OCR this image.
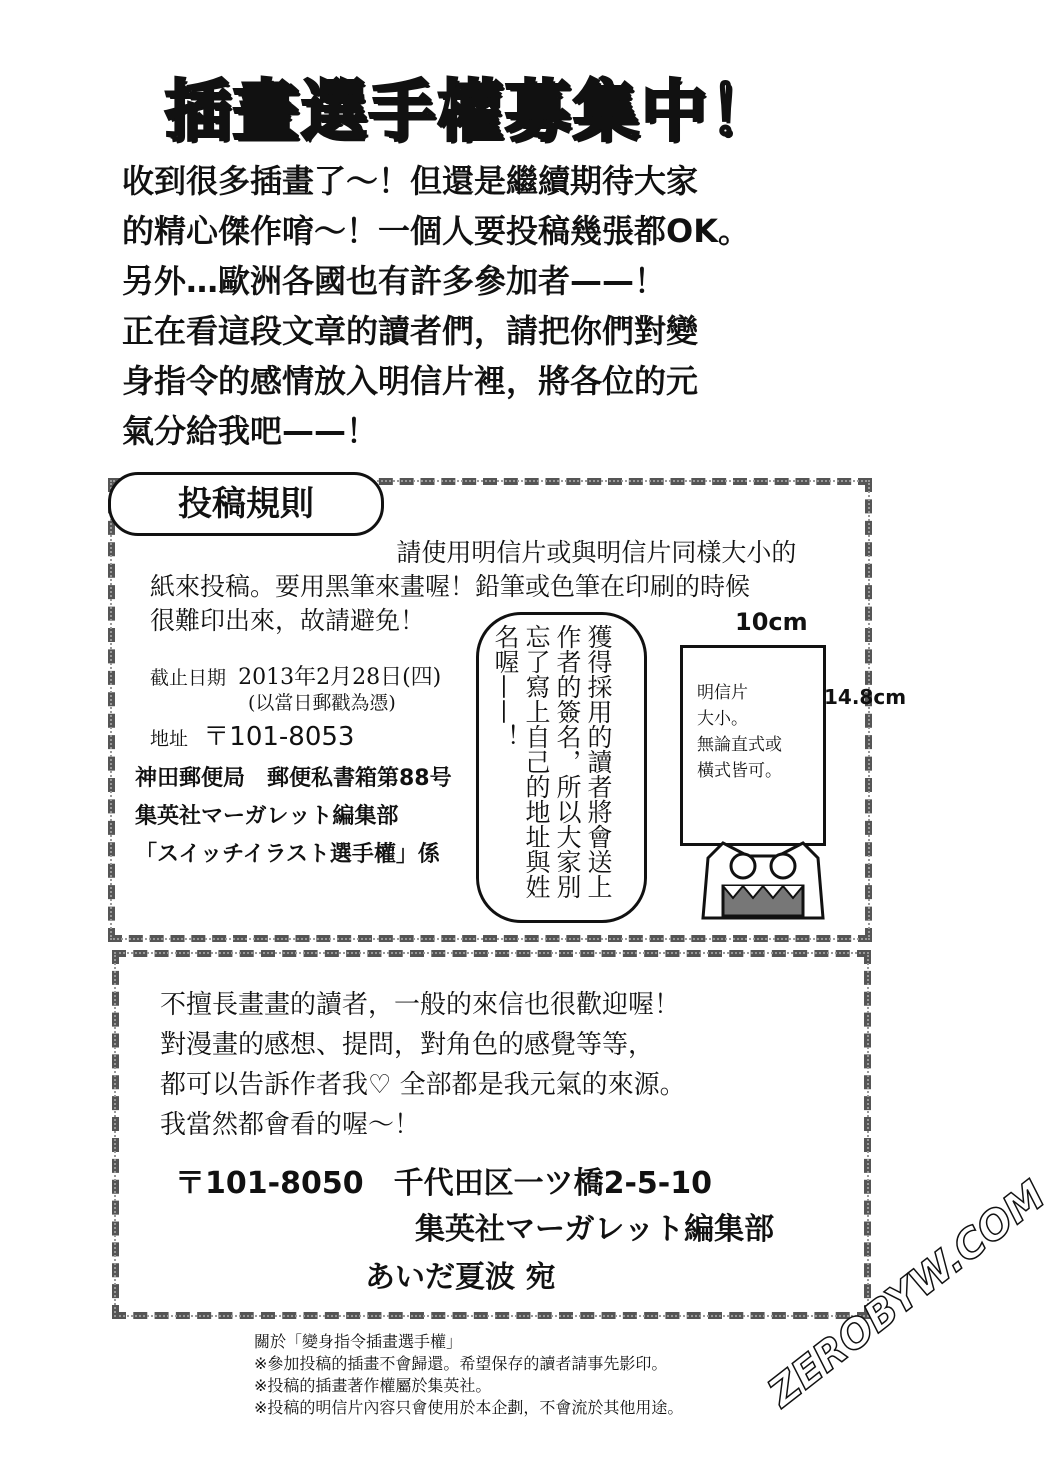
插畫選手權募集中！
收到很多插畫了～！但還是繼續期待大家
的精心傑作唷～！一個人要投稿幾張都OK。
另外…歐洲各國也有許多參加者——！
正在看這段文章的讀者們，請把你們對變
身指令的感情放入明信片裡，將各位的元
氣分給我吧——！
投稿規則
請使用明信片或與明信片同樣大小的
紙來投稿。要用黑筆來畫喔！鉛筆或色筆在印刷的時候
很難印出來，故請避免！
截止日期 2013年2月28日(四)
(以當日郵戳為憑)
地址 〒101-8053
神田郵便局　郵便私書箱第88号
集英社マーガレット編集部
「スイッチイラスト選手權」係	獲得採用的讀者將會送上作者的簽名，所以大家別忘了寫上自己的地址與姓名喔——！
10cm
14.8cm
明信片
大小。
無論直式或
橫式皆可。
不擅長畫畫的讀者，一般的來信也很歡迎喔！
對漫畫的感想、提問，對角色的感覺等等，
都可以告訴作者我♡ 全部都是我元氣的來源。
我當然都會看的喔～！
〒101-8050　千代田区一ツ橋2-5-10
集英社マーガレット編集部
あいだ夏波 宛
關於「變身指令插畫選手權」
※參加投稿的插畫不會歸還。希望保存的讀者請事先影印。
※投稿的插畫著作權屬於集英社。
※投稿的明信片內容只會使用於本企劃，不會流於其他用途。 ZEROBYW.COM
